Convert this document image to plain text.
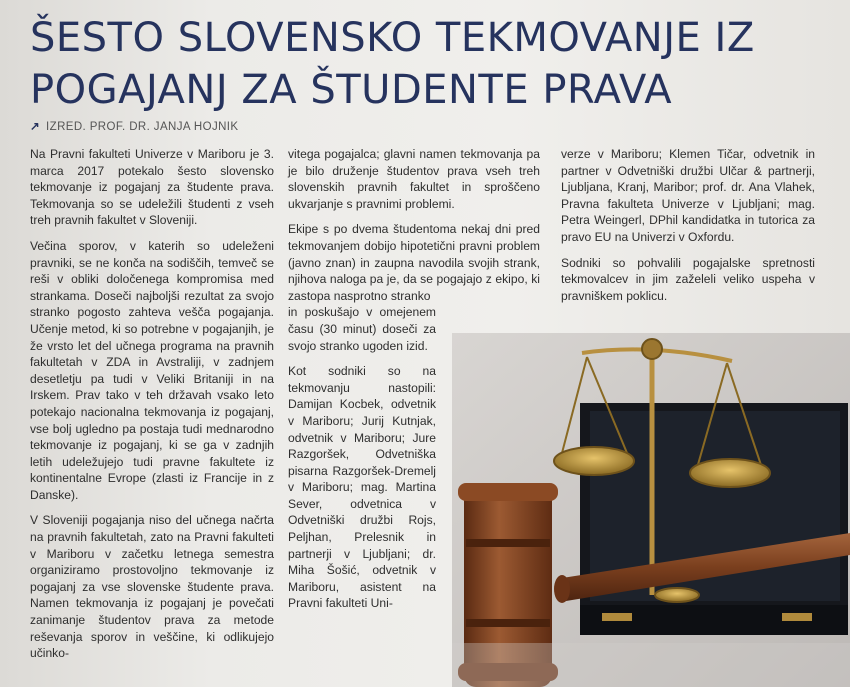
ŠESTO SLOVENSKO TEKMOVANJE IZ POGAJANJ ZA ŠTUDENTE PRAVA
↗ IZRED. PROF. DR. JANJA HOJNIK

Na Pravni fakulteti Univerze v Mariboru je 3. marca 2017 potekalo šesto slovensko tekmovanje iz pogajanj za študente prava. Tekmovanja so se udeležili študenti z vseh treh pravnih fakultet v Sloveniji.

Večina sporov, v katerih so udeleženi pravniki, se ne konča na sodiščih, temveč se reši v obliki določenega kompromisa med strankama. Doseči najboljši rezultat za svojo stranko pogosto zahteva vešča pogajanja. Učenje metod, ki so potrebne v pogajanjih, je že vrsto let del učnega programa na pravnih fakultetah v ZDA in Avstraliji, v zadnjem desetletju pa tudi v Veliki Britaniji in na Irskem. Prav tako v teh državah vsako leto potekajo nacionalna tekmovanja iz pogajanj, vse bolj ugledno pa postaja tudi mednarodno tekmovanje iz pogajanj, ki se ga v zadnjih letih udeležujejo tudi pravne fakultete iz kontinentalne Evrope (zlasti iz Francije in z Danske).

V Sloveniji pogajanja niso del učnega načrta na pravnih fakultetah, zato na Pravni fakulteti v Mariboru v začetku letnega semestra organiziramo prostovoljno tekmovanje iz pogajanj za vse slovenske študente prava. Namen tekmovanja iz pogajanj je povečati zanimanje študentov prava za metode reševanja sporov in veščine, ki odlikujejo učinko-

vitega pogajalca; glavni namen tekmovanja pa je bilo druženje študentov prava vseh treh slovenskih pravnih fakultet in sproščeno ukvarjanje s pravnimi problemi.

Ekipe s po dvema študentoma nekaj dni pred tekmovanjem dobijo hipotetični pravni problem (javno znan) in zaupna navodila svojih strank, njihova naloga pa je, da se pogajajo z ekipo, ki zastopa nasprotno stranko

in poskušajo v omejenem času (30 minut) doseči za svojo stranko ugoden izid.

Kot sodniki so na tekmovanju nastopili: Damijan Kocbek, odvetnik v Mariboru; Jurij Kutnjak, odvetnik v Mariboru; Jure Razgoršek, Odvetniška pisarna Razgoršek-Dremelj v Mariboru; mag. Martina Sever, odvetnica v Odvetniški družbi Rojs, Peljhan, Prelesnik in partnerji v Ljubljani; dr. Miha Šošić, odvetnik v Mariboru, asistent na Pravni fakulteti Uni-

verze v Mariboru; Klemen Tičar, odvetnik in partner v Odvetniški družbi Ulčar & partnerji, Ljubljana, Kranj, Maribor; prof. dr. Ana Vlahek, Pravna fakulteta Univerze v Ljubljani; mag. Petra Weingerl, DPhil kandidatka in tutorica za pravo EU na Univerzi v Oxfordu.

Sodniki so pohvalili pogajalske spretnosti tekmovalcev in jim zaželeli veliko uspeha v pravniškem poklicu.
